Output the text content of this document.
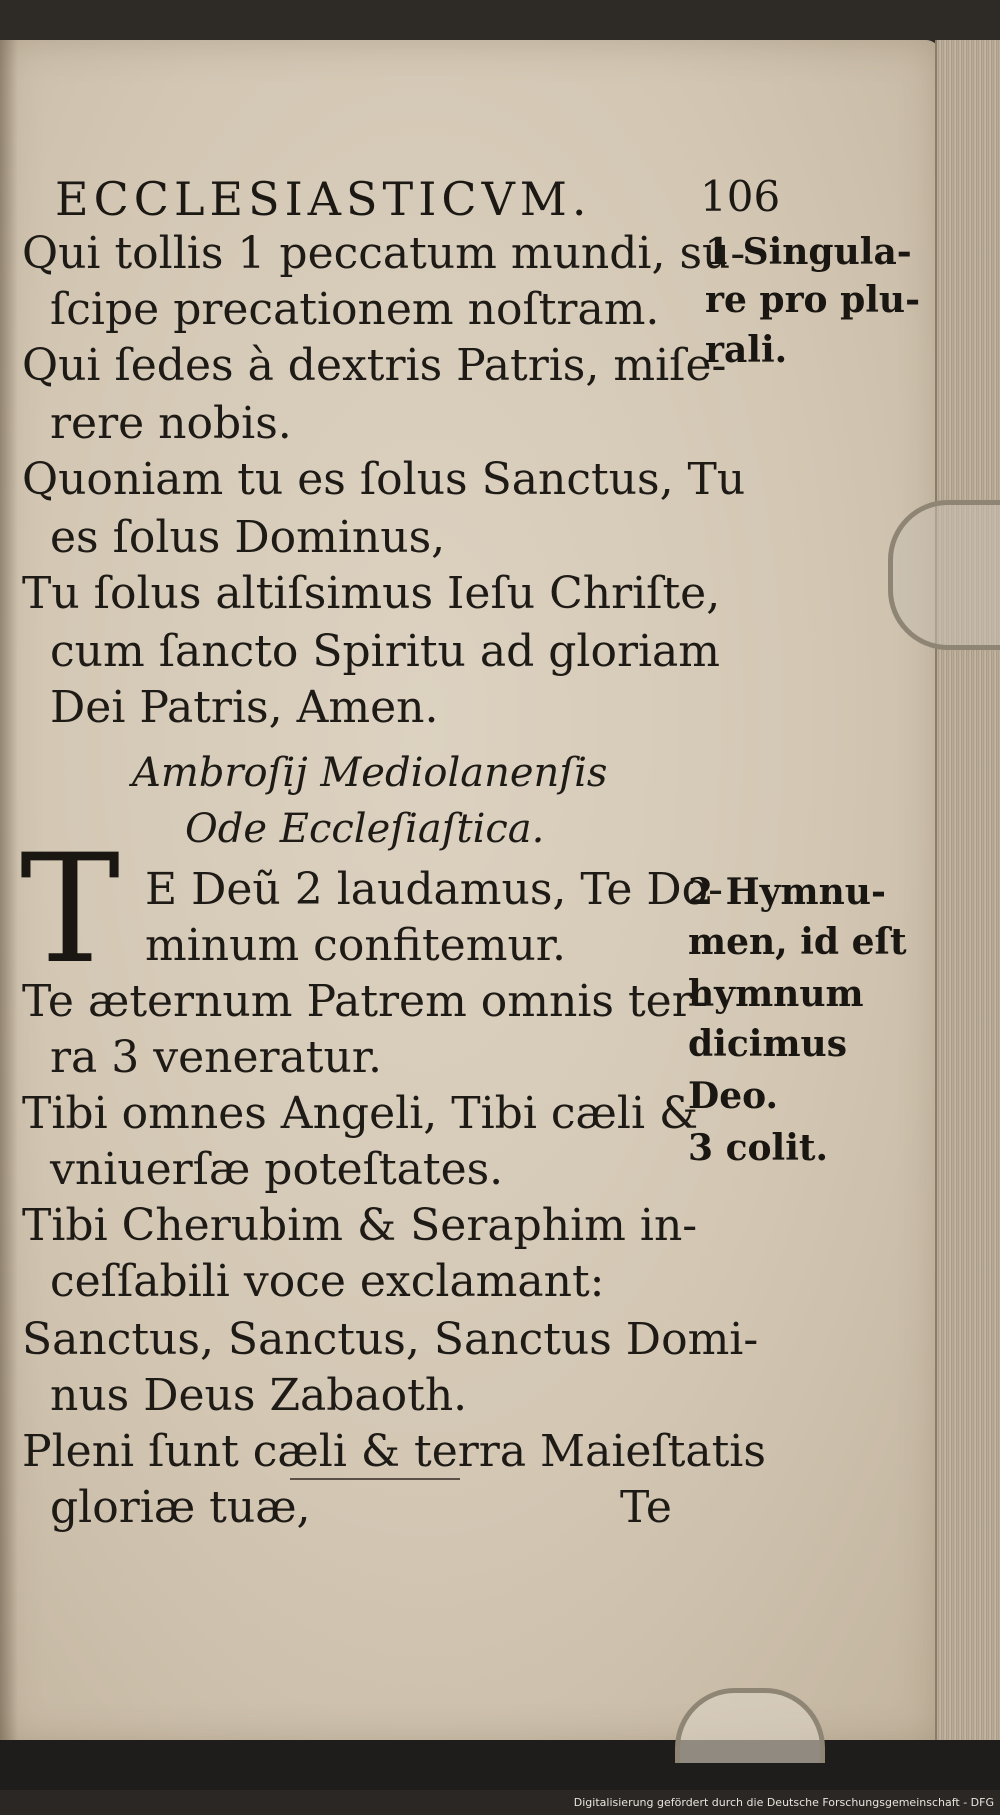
ECCLESIASTICVM.	106
Qui tollis 1 peccatum mundi, su-
ſcipe precationem noſtram.
Qui ſedes à dextris Patris, miſe-
rere nobis.
Quoniam tu es ſolus Sanctus, Tu
es ſolus Dominus,
Tu ſolus altiſsimus Ieſu Chriſte,
cum ſancto Spiritu ad gloriam
Dei Patris, Amen.
Ambroſij Mediolanenſis
Ode Eccleſiaſtica.
T E Deũ 2 laudamus, Te Do-
minum confitemur.
Te æternum Patrem omnis ter-
ra 3 veneratur.
Tibi omnes Angeli, Tibi cæli &
vniuerſæ poteſtates.
Tibi Cherubim & Seraphim in-
ceſſabili voce exclamant:
Sanctus, Sanctus, Sanctus Domi-
nus Deus Zabaoth.
Pleni ſunt cæli & terra Maieſtatis
gloriæ tuæ,	Te
1 Singula-
re pro plu-
rali.
2 Hymnu-
men, id eſt
hymnum
dicimus
Deo.
3 colit.
Digitalisierung gefördert durch die Deutsche Forschungsgemeinschaft - DFG
